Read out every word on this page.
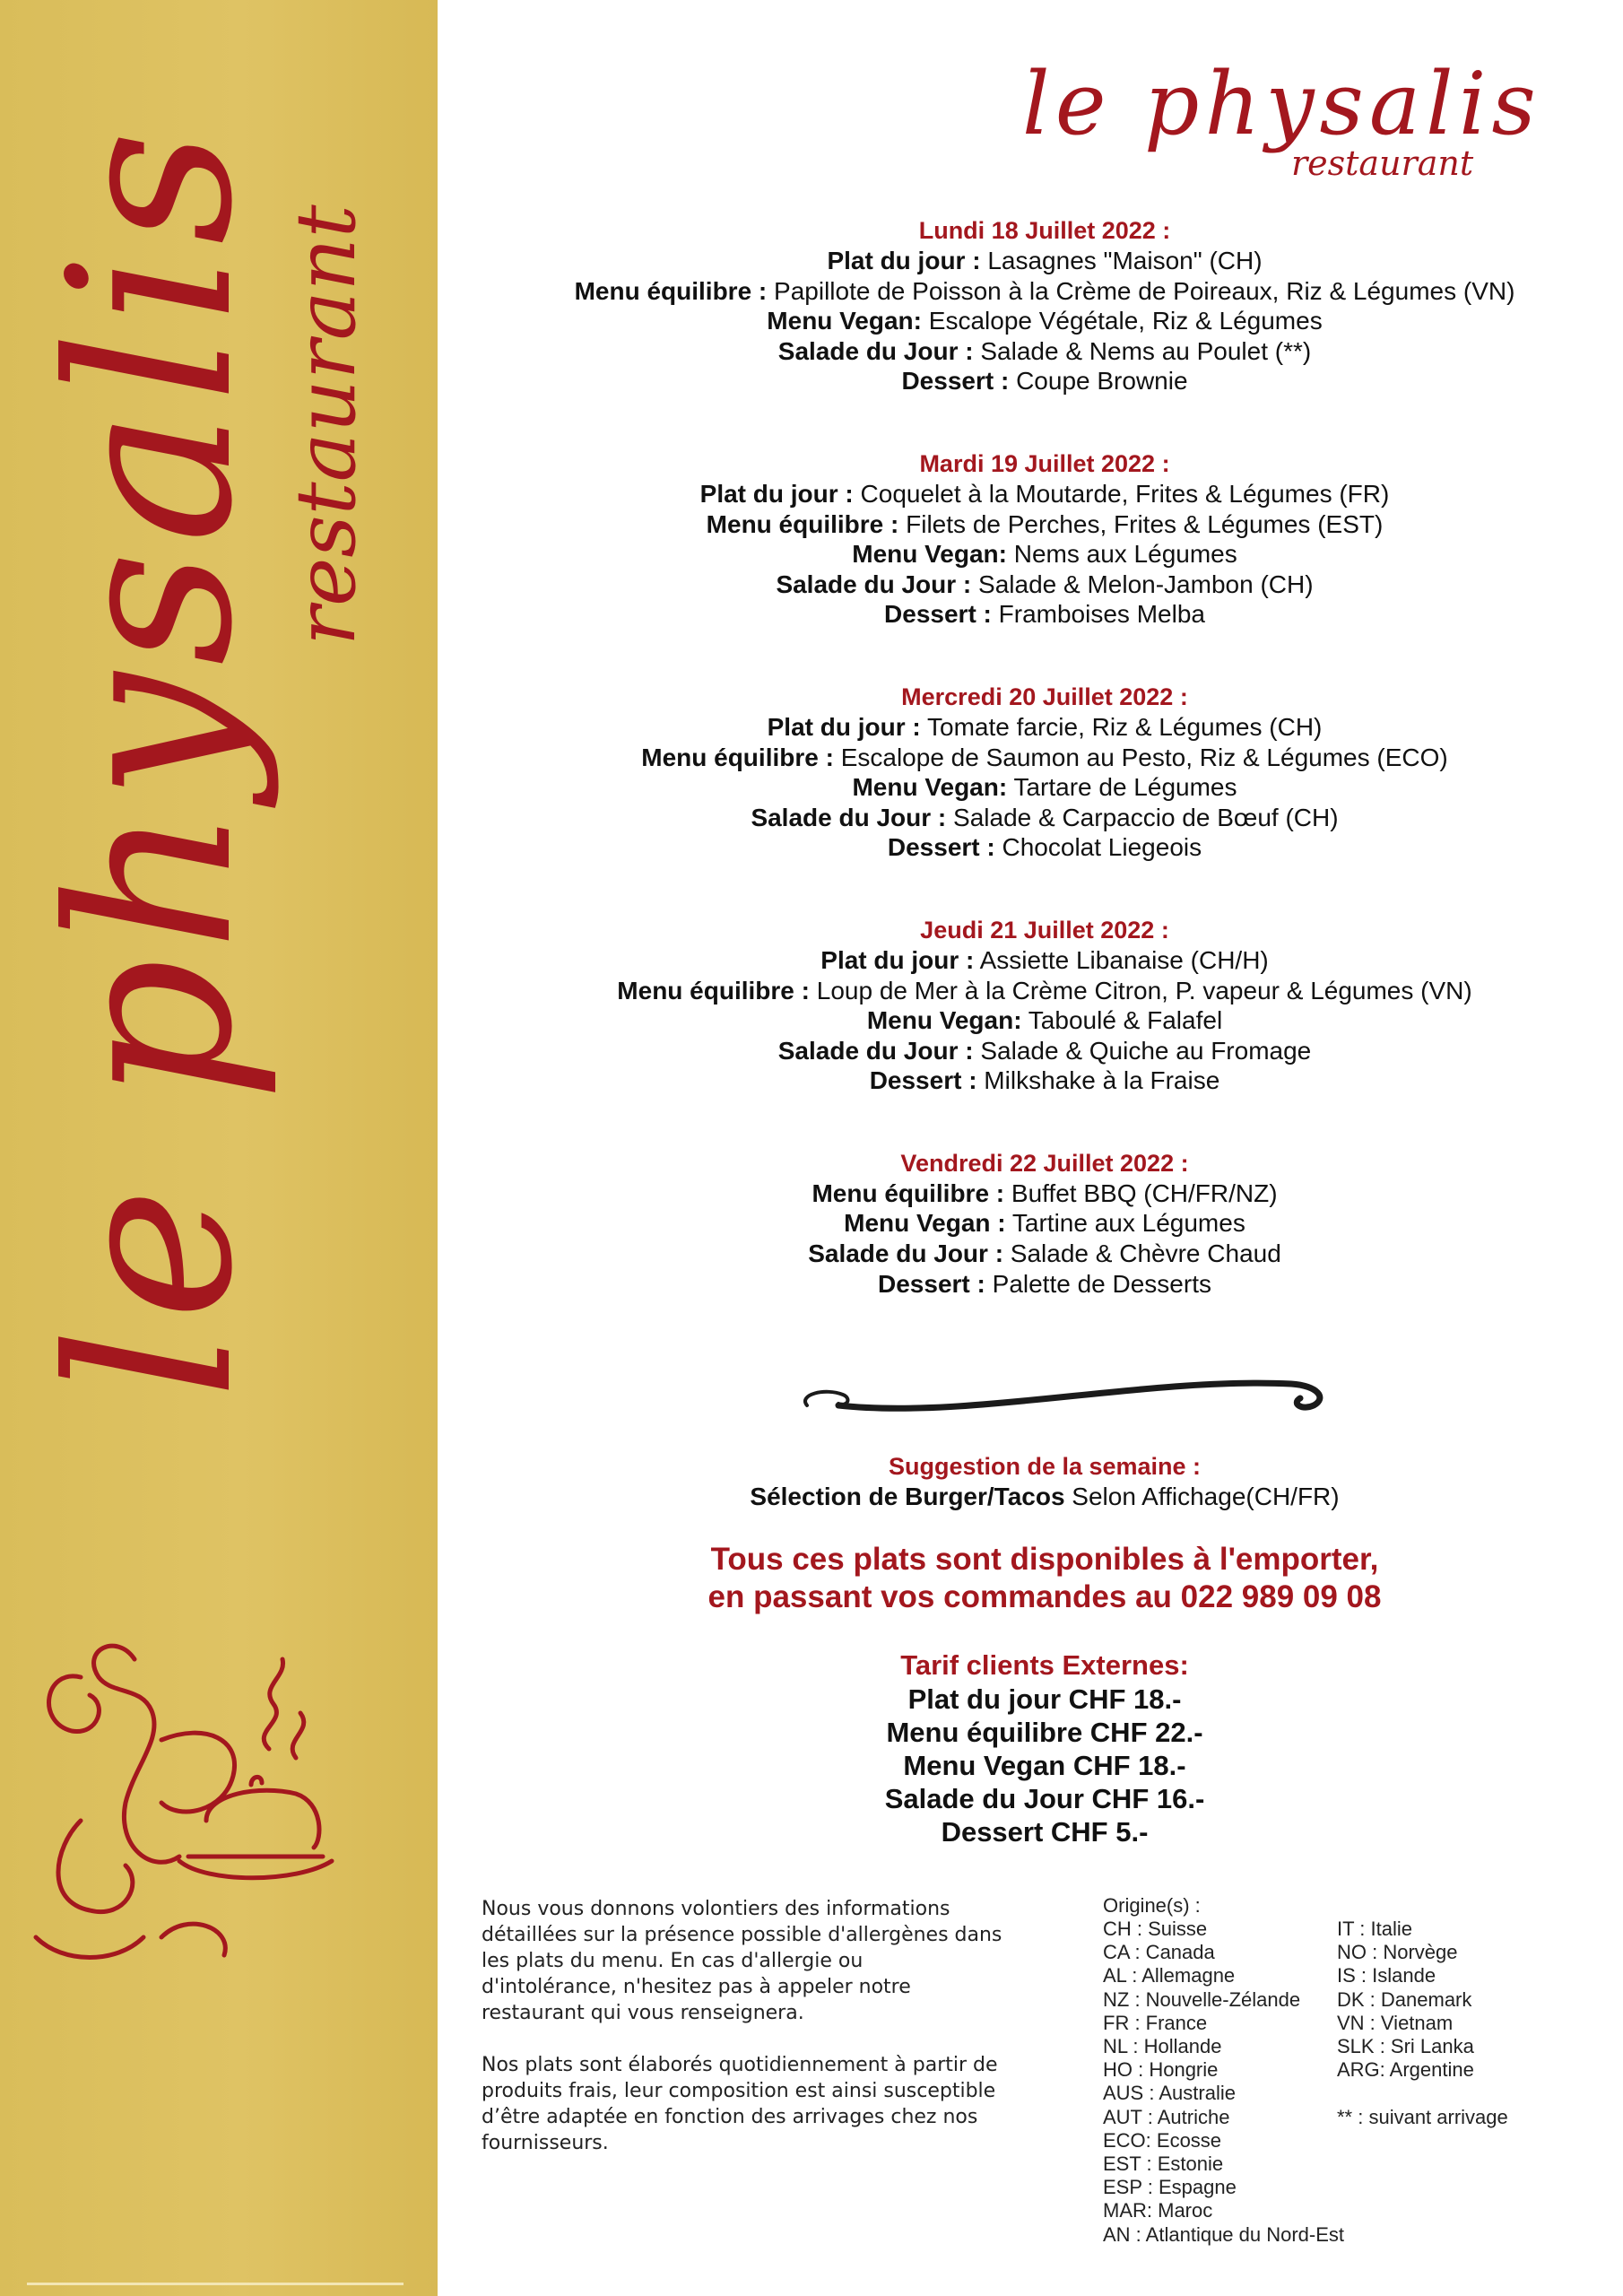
le physalis
restaurant
le physalis
restaurant
Lundi 18 Juillet 2022 :
Plat du jour : Lasagnes "Maison" (CH)
Menu équilibre : Papillote de Poisson à la Crème de Poireaux, Riz & Légumes (VN)
Menu Vegan: Escalope Végétale, Riz & Légumes
Salade du Jour : Salade & Nems au Poulet (**)
Dessert : Coupe Brownie
Mardi 19 Juillet 2022 :
Plat du jour : Coquelet à la Moutarde, Frites & Légumes (FR)
Menu équilibre : Filets de Perches, Frites & Légumes (EST)
Menu Vegan: Nems aux Légumes
Salade du Jour : Salade & Melon-Jambon (CH)
Dessert : Framboises Melba
Mercredi 20 Juillet 2022 :
Plat du jour : Tomate farcie, Riz & Légumes (CH)
Menu équilibre : Escalope de Saumon au Pesto, Riz & Légumes (ECO)
Menu Vegan: Tartare de Légumes
Salade du Jour : Salade & Carpaccio de Bœuf (CH)
Dessert : Chocolat Liegeois
Jeudi 21 Juillet 2022 :
Plat du jour : Assiette Libanaise (CH/H)
Menu équilibre : Loup de Mer à la Crème Citron, P. vapeur & Légumes (VN)
Menu Vegan: Taboulé & Falafel
Salade du Jour : Salade & Quiche au Fromage
Dessert : Milkshake à la Fraise
Vendredi 22 Juillet 2022 :
Menu équilibre : Buffet BBQ (CH/FR/NZ)
Menu Vegan : Tartine aux Légumes
Salade du Jour : Salade & Chèvre Chaud
Dessert : Palette de Desserts
Suggestion de la semaine :
Sélection de Burger/Tacos Selon Affichage(CH/FR)
Tous ces plats sont disponibles à l'emporter,
en passant vos commandes au 022 989 09 08
Tarif clients Externes:
Plat du jour CHF 18.-
Menu équilibre CHF 22.-
Menu Vegan CHF 18.-
Salade du Jour CHF 16.-
Dessert CHF 5.-

Nous vous donnons volontiers des informations
détaillées sur la présence possible d'allergènes dans
les plats du menu. En cas d'allergie ou
d'intolérance, n'hesitez pas à appeler notre
restaurant qui vous renseignera.

Nos plats sont élaborés quotidiennement à partir de
produits frais, leur composition est ainsi susceptible
d’être adaptée en fonction des arrivages chez nos
fournisseurs.

Origine(s) :
CH : Suisse
CA : Canada
AL : Allemagne
NZ : Nouvelle-Zélande
FR : France
NL : Hollande
HO : Hongrie
AUS : Australie
AUT : Autriche
ECO: Ecosse
EST : Estonie
ESP : Espagne
MAR: Maroc
AN : Atlantique du Nord-Est
IT : Italie
NO : Norvège
IS : Islande
DK : Danemark
VN : Vietnam
SLK : Sri Lanka
ARG: Argentine
** : suivant arrivage
